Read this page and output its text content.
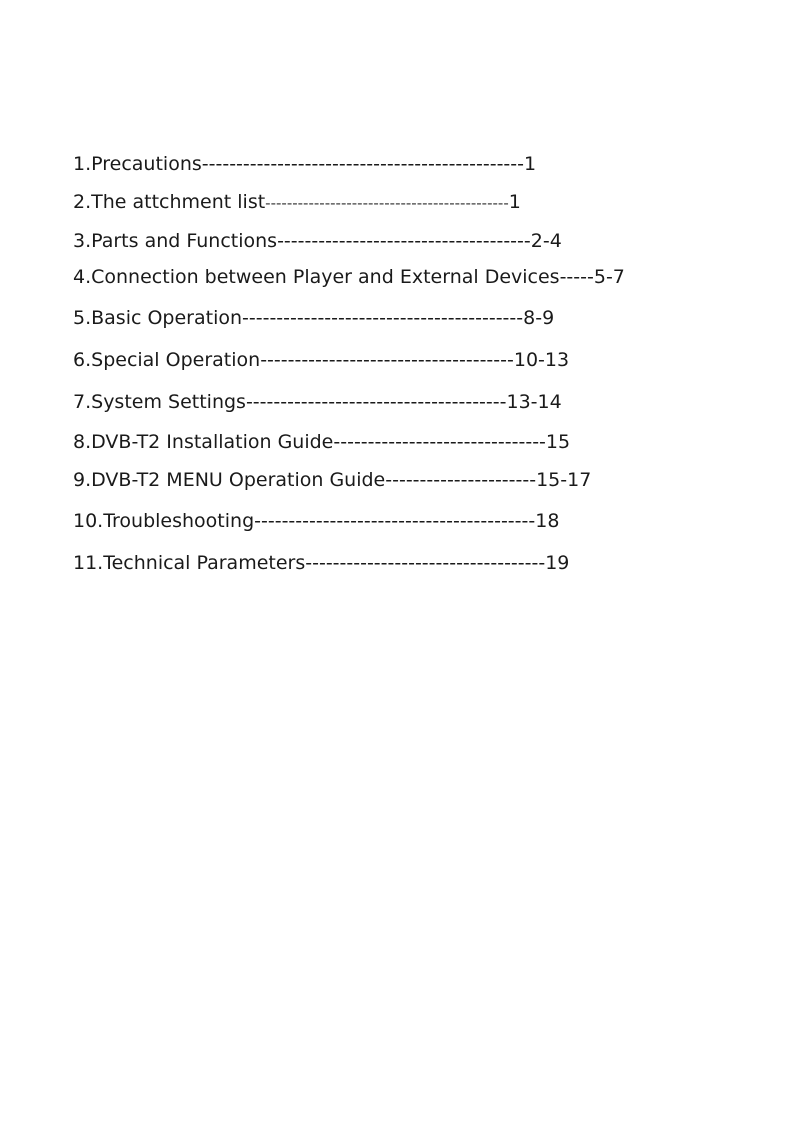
1.Precautions-----------------------------------------------1
2.The attchment list---------------------------------------------1
3.Parts and Functions-------------------------------------2-4
4.Connection between Player and External Devices-----5-7
5.Basic Operation-----------------------------------------8-9
6.Special Operation-------------------------------------10-13
7.System Settings--------------------------------------13-14
8.DVB-T2 Installation Guide-------------------------------15
9.DVB-T2 MENU Operation Guide----------------------15-17
10.Troubleshooting-----------------------------------------18
11.Technical Parameters-----------------------------------19
